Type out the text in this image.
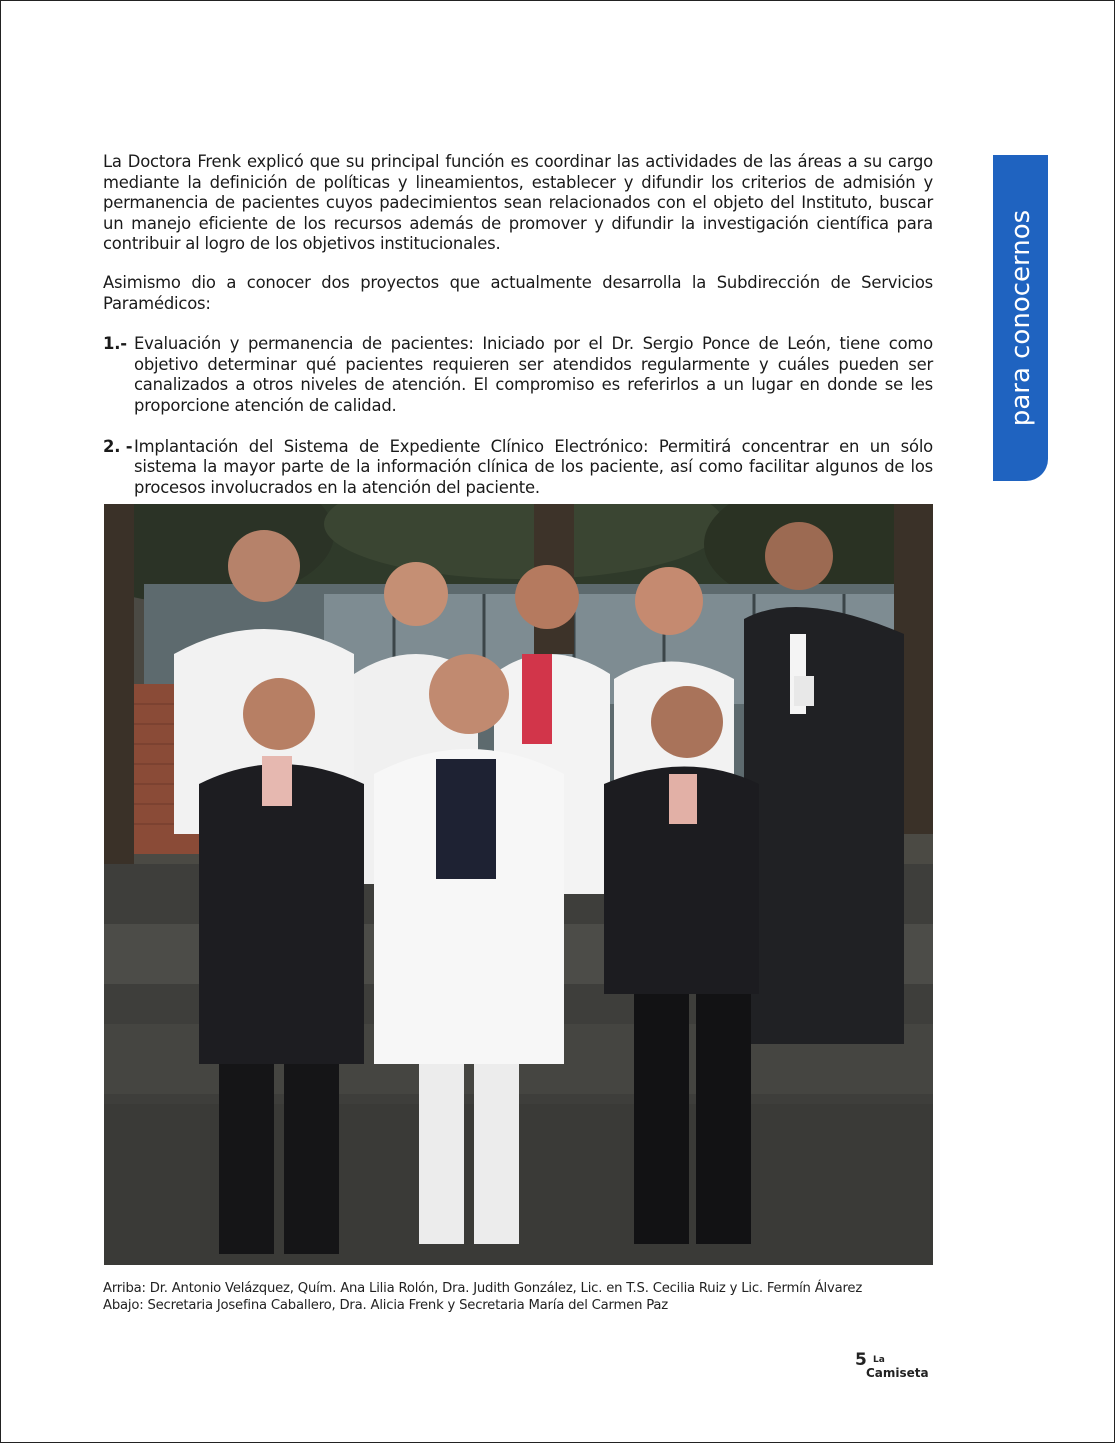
para conocernos

La Doctora Frenk explicó que su principal función es coordinar las actividades de las áreas a su cargo mediante la definición de políticas y lineamientos, establecer y difundir los criterios de admisión y permanencia de pacientes cuyos padecimientos sean relacionados con el objeto del Instituto, buscar un manejo eficiente de los recursos además de promover y difundir la investigación científica para contribuir al logro de los objetivos institucionales.

Asimismo dio a conocer dos proyectos que actualmente desarrolla la Subdirección de Servicios Paramédicos:

1.- Evaluación y permanencia de pacientes: Iniciado por el Dr. Sergio Ponce de León, tiene como objetivo determinar qué pacientes requieren ser atendidos regularmente y cuáles pueden ser canalizados a otros niveles de atención. El compromiso es referirlos a un lugar en donde se les proporcione atención de calidad.
2. - Implantación del Sistema de Expediente Clínico Electrónico: Permitirá concentrar en un sólo sistema la mayor parte de la información clínica de los paciente, así como facilitar algunos de los procesos involucrados en la atención del paciente.
Arriba: Dr. Antonio Velázquez, Quím. Ana Lilia Rolón, Dra. Judith González, Lic. en T.S. Cecilia Ruiz y Lic. Fermín Álvarez
Abajo: Secretaria Josefina Caballero, Dra. Alicia Frenk y Secretaria María del Carmen Paz
5 La
Camiseta
